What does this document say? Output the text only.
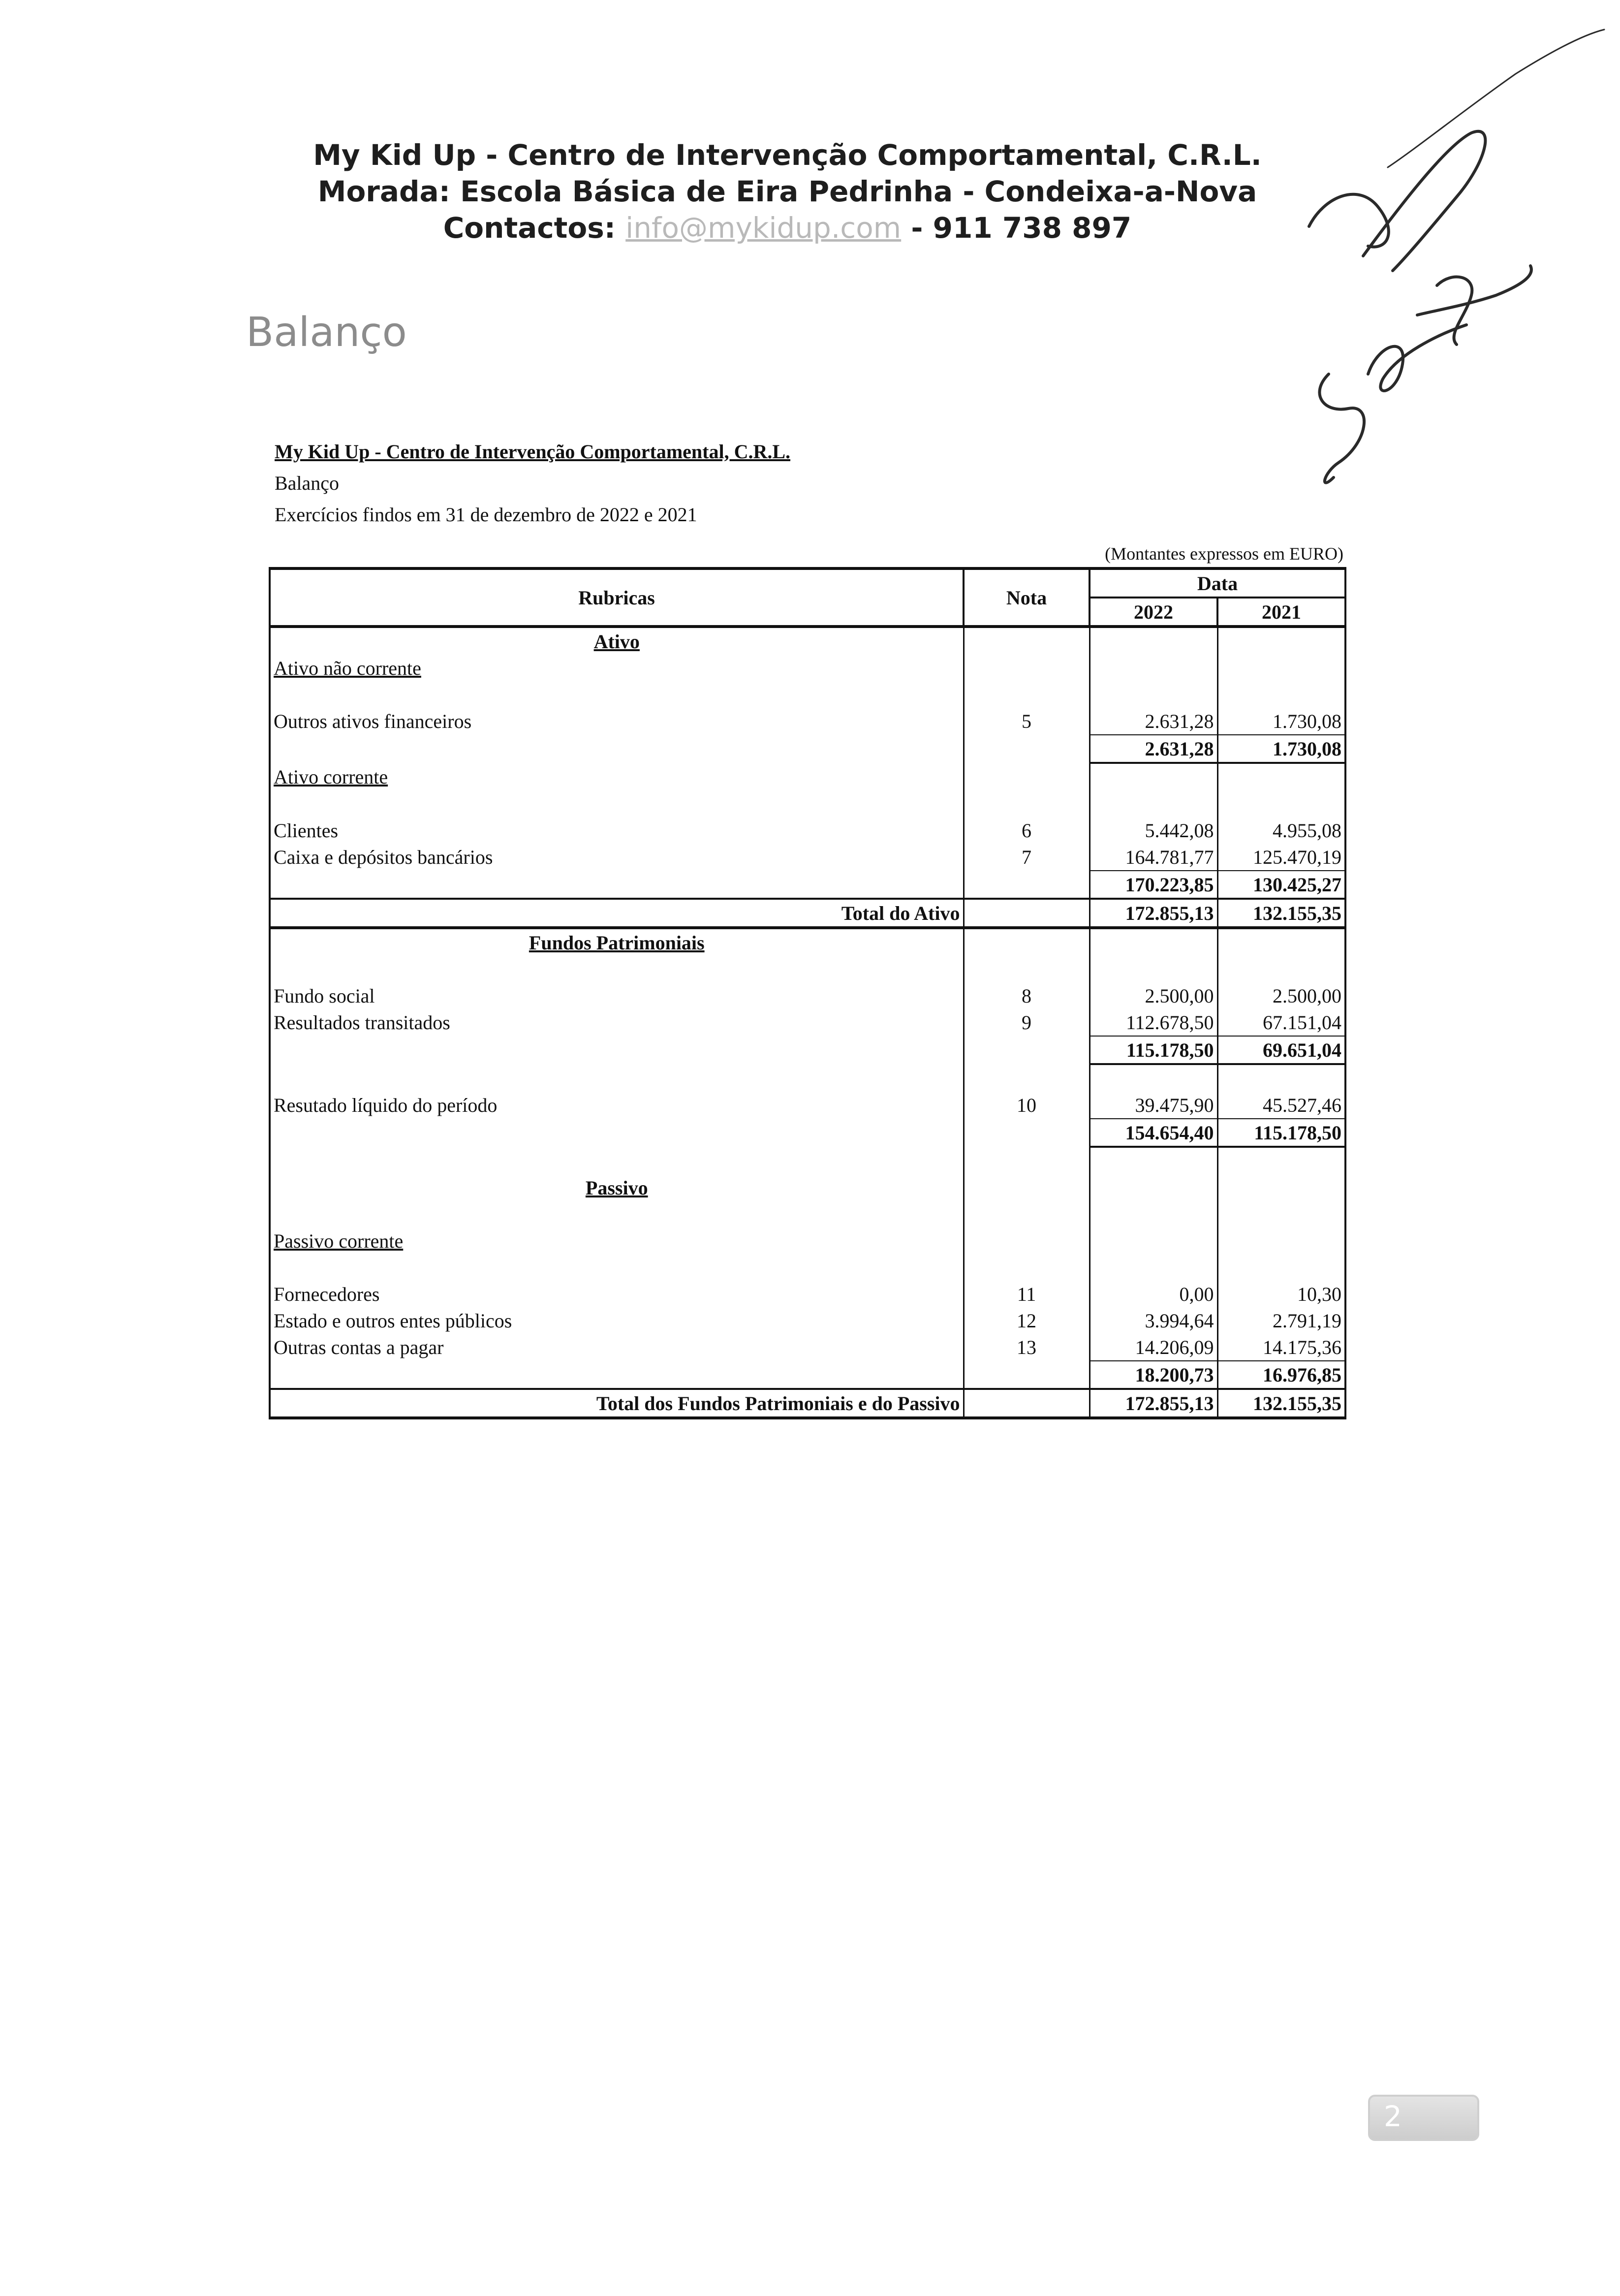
My Kid Up - Centro de Intervenção Comportamental, C.R.L.
Morada: Escola Básica de Eira Pedrinha - Condeixa-a-Nova
Contactos: info@mykidup.com - 911 738 897
Balanço
My Kid Up - Centro de Intervenção Comportamental, C.R.L.
Balanço
Exercícios findos em 31 de dezembro de 2022 e 2021
(Montantes expressos em EURO)
Rubricas	Nota	Data	
		2022	2021
Ativo			
Ativo não corrente			

Outros ativos financeiros	5	2.631,28	1.730,08
		2.631,28	1.730,08
Ativo corrente			

Clientes	6	5.442,08	4.955,08
Caixa e depósitos bancários	7	164.781,77	125.470,19
		170.223,85	130.425,27
Total do Ativo		172.855,13	132.155,35
Fundos Patrimoniais			

Fundo social	8	2.500,00	2.500,00
Resultados transitados	9	112.678,50	67.151,04
		115.178,50	69.651,04

Resutado líquido do período	10	39.475,90	45.527,46
		154.654,40	115.178,50

Passivo			

Passivo corrente			

Fornecedores	11	0,00	10,30
Estado e outros entes públicos	12	3.994,64	2.791,19
Outras contas a pagar	13	14.206,09	14.175,36
		18.200,73	16.976,85
Total dos Fundos Patrimoniais e do Passivo		172.855,13	132.155,35
2
